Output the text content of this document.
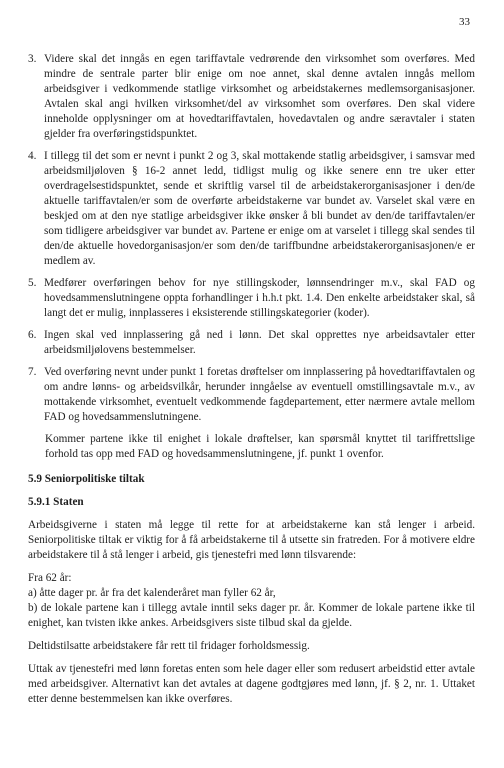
33
3. Videre skal det inngås en egen tariffavtale vedrørende den virksomhet som overføres. Med mindre de sentrale parter blir enige om noe annet, skal denne avtalen inngås mellom arbeidsgiver i vedkommende statlige virksomhet og arbeidstakernes medlemsorganisasjoner. Avtalen skal angi hvilken virksomhet/del av virksomhet som overføres. Den skal videre inneholde opplysninger om at hovedtariffavtalen, hovedavtalen og andre særavtaler i staten gjelder fra overføringstidspunktet.
4. I tillegg til det som er nevnt i punkt 2 og 3, skal mottakende statlig arbeidsgiver, i samsvar med arbeidsmiljøloven § 16-2 annet ledd, tidligst mulig og ikke senere enn tre uker etter overdragelsestidspunktet, sende et skriftlig varsel til de arbeidstakerorganisasjoner i den/de aktuelle tariffavtalen/er som de overførte arbeidstakerne var bundet av. Varselet skal være en beskjed om at den nye statlige arbeidsgiver ikke ønsker å bli bundet av den/de tariffavtalen/er som tidligere arbeidsgiver var bundet av. Partene er enige om at varselet i tillegg skal sendes til den/de aktuelle hovedorganisasjon/er som den/de tariffbundne arbeidstakerorganisasjonen/e er medlem av.
5. Medfører overføringen behov for nye stillingskoder, lønnsendringer m.v., skal FAD og hovedsammenslutningene oppta forhandlinger i h.h.t pkt. 1.4. Den enkelte arbeidstaker skal, så langt det er mulig, innplasseres i eksisterende stillingskategorier (koder).
6. Ingen skal ved innplassering gå ned i lønn. Det skal opprettes nye arbeidsavtaler etter arbeidsmiljølovens bestemmelser.
7. Ved overføring nevnt under punkt 1 foretas drøftelser om innplassering på hovedtariffavtalen og om andre lønns- og arbeidsvilkår, herunder inngåelse av eventuell omstillingsavtale m.v., av mottakende virksomhet, eventuelt vedkommende fagdepartement, etter nærmere avtale mellom FAD og hovedsammenslutningene.

Kommer partene ikke til enighet i lokale drøftelser, kan spørsmål knyttet til tariffrettslige forhold tas opp med FAD og hovedsammenslutningene, jf. punkt 1 ovenfor.

5.9 Seniorpolitiske tiltak
5.9.1 Staten

Arbeidsgiverne i staten må legge til rette for at arbeidstakerne kan stå lenger i arbeid. Seniorpolitiske tiltak er viktig for å få arbeidstakerne til å utsette sin fratreden. For å motivere eldre arbeidstakere til å stå lenger i arbeid, gis tjenestefri med lønn tilsvarende:

Fra 62 år:
a) åtte dager pr. år fra det kalenderåret man fyller 62 år,
b) de lokale partene kan i tillegg avtale inntil seks dager pr. år. Kommer de lokale partene ikke til enighet, kan tvisten ikke ankes. Arbeidsgivers siste tilbud skal da gjelde.

Deltidstilsatte arbeidstakere får rett til fridager forholdsmessig.

Uttak av tjenestefri med lønn foretas enten som hele dager eller som redusert arbeidstid etter avtale med arbeidsgiver. Alternativt kan det avtales at dagene godtgjøres med lønn, jf. § 2, nr. 1. Uttaket etter denne bestemmelsen kan ikke overføres.
